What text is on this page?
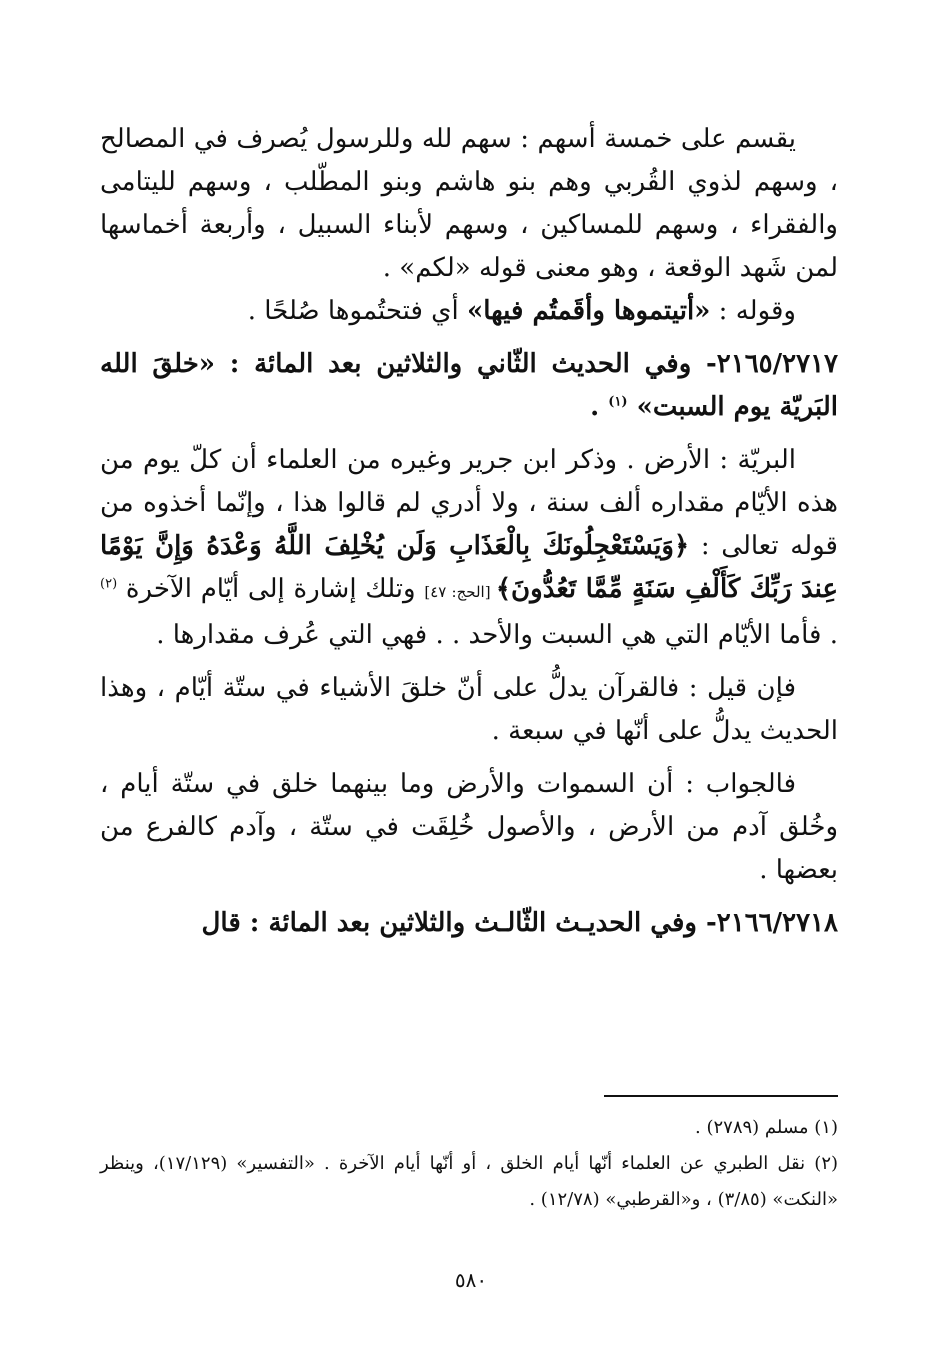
يقسم على خمسة أسهم : سهم لله وللرسول يُصرف في المصالح ، وسهم لذوي القُربي وهم بنو هاشم وبنو المطّلب ، وسهم لليتامى والفقراء ، وسهم للمساكين ، وسهم لأبناء السبيل ، وأربعة أخماسها لمن شَهد الوقعة ، وهو معنى قوله «لكم» .

وقوله : «أتيتموها وأقَمتُم فيها» أي فتحتُموها صُلحًا .

٢١٦٥/٢٧١٧- وفي الحديث الثّاني والثلاثين بعد المائة : «خلقَ الله البَريّة يوم السبت» $^{(١)}$ .

البريّة : الأرض . وذكر ابن جرير وغيره من العلماء أن كلّ يوم من هذه الأيّام مقداره ألف سنة ، ولا أدري لم قالوا هذا ، وإنّما أخذوه من قوله تعالى : ﴿وَيَسْتَعْجِلُونَكَ بِالْعَذَابِ وَلَن يُخْلِفَ اللَّهُ وَعْدَهُ وَإِنَّ يَوْمًا عِندَ رَبِّكَ كَأَلْفِ سَنَةٍ مِّمَّا تَعُدُّونَ﴾ [الحج: ٤٧] وتلك إشارة إلى أيّام الآخرة $^{(٢)}$ . فأما الأيّام التي هي السبت والأحد . . فهي التي عُرف مقدارها .

فإن قيل : فالقرآن يدلُّ على أنّ خلقَ الأشياء في ستّة أيّام ، وهذا الحديث يدلُّ على أنّها في سبعة .

فالجواب : أن السموات والأرض وما بينهما خلق في ستّة أيام ، وخُلق آدم من الأرض ، والأصول خُلِقَت في ستّة ، وآدم كالفرع من بعضها .

٢١٦٦/٢٧١٨- وفي الحديـث الثّالـث والثلاثين بعد المائة : قال

(١) مسلم (٢٧٨٩) .

(٢) نقل الطبري عن العلماء أنّها أيام الخلق ، أو أنّها أيام الآخرة . «التفسير» (١٧/١٢٩)، وينظر «النكت» (٣/٨٥) ، و«القرطبي» (١٢/٧٨) .

٥٨٠
